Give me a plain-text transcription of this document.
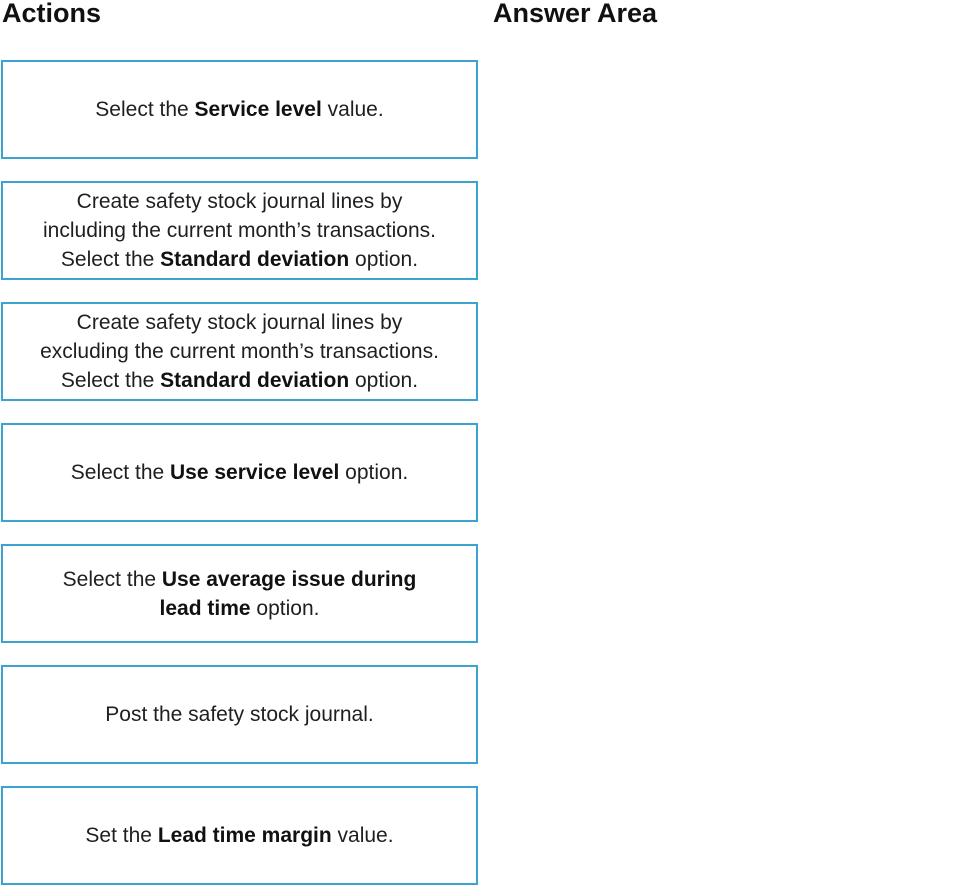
Actions	Answer Area
Select the Service level value.
Create safety stock journal lines by
including the current month’s transactions.
Select the Standard deviation option.
Create safety stock journal lines by
excluding the current month’s transactions.
Select the Standard deviation option.
Select the Use service level option.
Select the Use average issue during
lead time option.
Post the safety stock journal.
Set the Lead time margin value.
